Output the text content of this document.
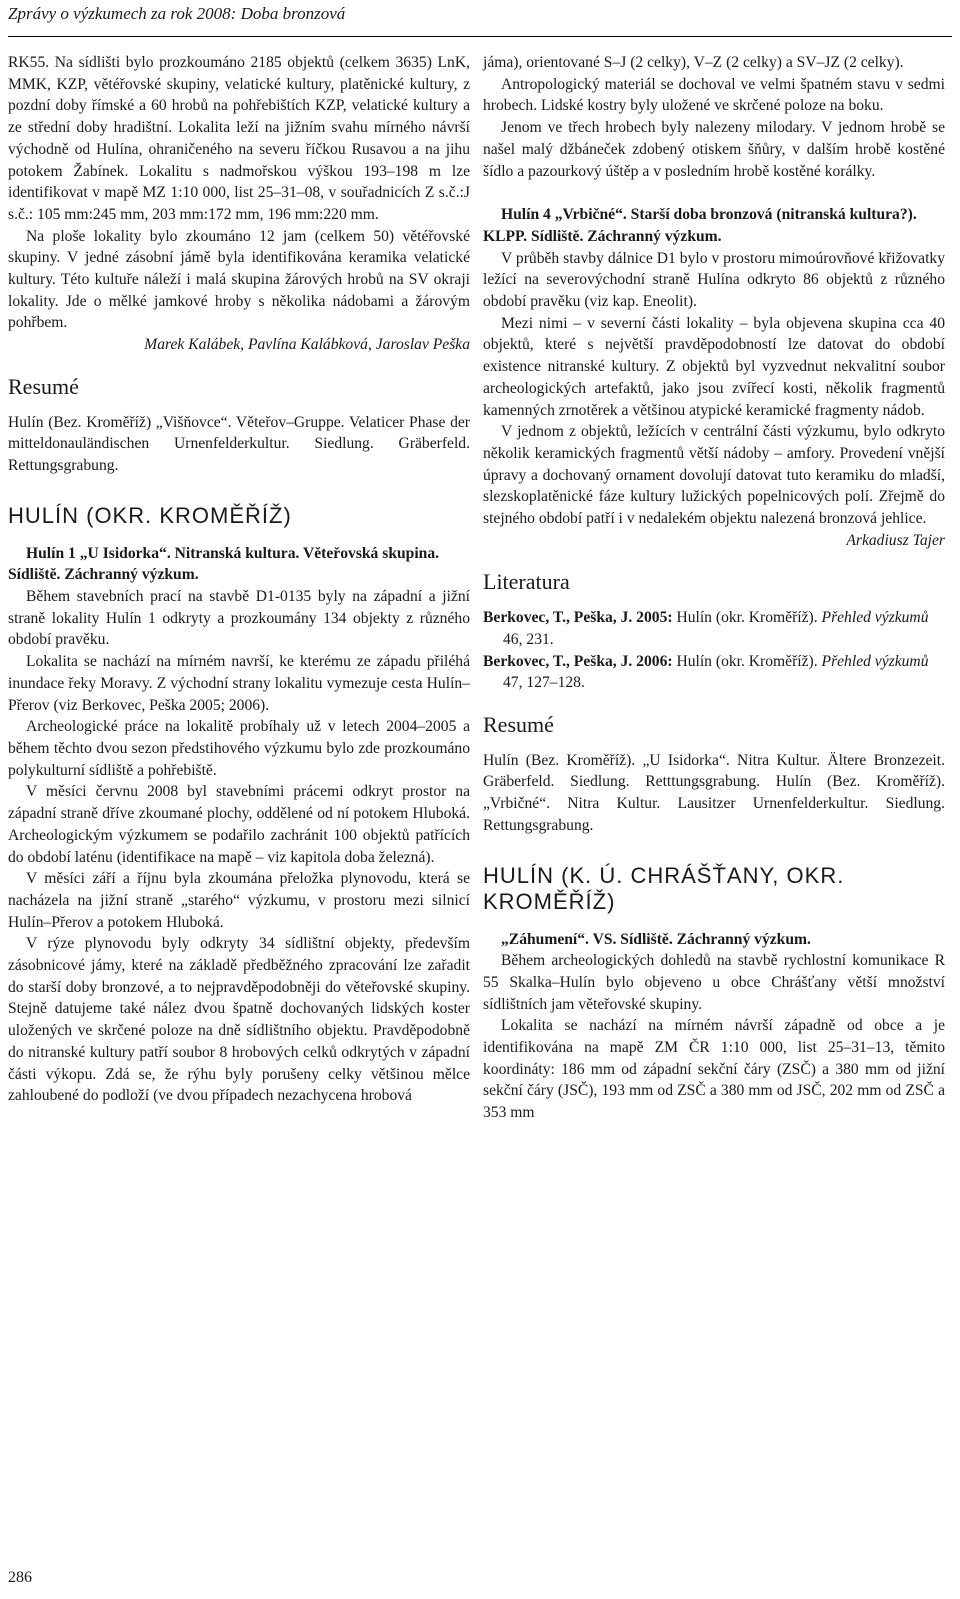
Zprávy o výzkumech za rok 2008: Doba bronzová

RK55. Na sídlišti bylo prozkoumáno 2185 objektů (celkem 3635) LnK, MMK, KZP, větéřovské skupiny, velatické kultury, platěnické kultury, z pozdní doby římské a 60 hrobů na pohřebištích KZP, velatické kultury a ze střední doby hradištní. Lokalita leží na jižním svahu mírného návrší východně od Hulína, ohraničeného na severu říčkou Rusavou a na jihu potokem Žabínek. Lokalitu s nadmořskou výškou 193–198 m lze identifikovat v mapě MZ 1:10 000, list 25–31–08, v souřadnicích Z s.č.:J s.č.: 105 mm:245 mm, 203 mm:172 mm, 196 mm:220 mm.

Na ploše lokality bylo zkoumáno 12 jam (celkem 50) větéřovské skupiny. V jedné zásobní jámě byla identifikována keramika velatické kultury. Této kultuře náleží i malá skupina žárových hrobů na SV okraji lokality. Jde o mělké jamkové hroby s několika nádobami a žárovým pohřbem.

Marek Kalábek, Pavlína Kalábková, Jaroslav Peška

Resumé

Hulín (Bez. Kroměříž) „Višňovce“. Věteřov–Gruppe. Velaticer Phase der mitteldonauländischen Urnenfelderkultur. Siedlung. Gräberfeld. Rettungsgrabung.

HULÍN (OKR. KROMĚŘÍŽ)

Hulín 1 „U Isidorka“. Nitranská kultura. Věteřovská skupina. Sídliště. Záchranný výzkum.

Během stavebních prací na stavbě D1-0135 byly na západní a jižní straně lokality Hulín 1 odkryty a prozkoumány 134 objekty z různého období pravěku.

Lokalita se nachází na mírném navrší, ke kterému ze západu přiléhá inundace řeky Moravy. Z východní strany lokalitu vymezuje cesta Hulín–Přerov (viz Berkovec, Peška 2005; 2006).

Archeologické práce na lokalitě probíhaly už v letech 2004–2005 a během těchto dvou sezon předstihového výzkumu bylo zde prozkoumáno polykulturní sídliště a pohřebiště.

V měsíci červnu 2008 byl stavebními prácemi odkryt prostor na západní straně dříve zkoumané plochy, oddělené od ní potokem Hluboká. Archeologickým výzkumem se podařilo zachránit 100 objektů patřících do období laténu (identifikace na mapě – viz kapitola doba železná).

V měsíci září a říjnu byla zkoumána přeložka plynovodu, která se nacházela na jižní straně „starého“ výzkumu, v prostoru mezi silnicí Hulín–Přerov a potokem Hluboká.

V rýze plynovodu byly odkryty 34 sídlištní objekty, především zásobnicové jámy, které na základě předběžného zpracování lze zařadit do starší doby bronzové, a to nejpravděpodobněji do věteřovské skupiny. Stejně datujeme také nález dvou špatně dochovaných lidských koster uložených ve skrčené poloze na dně sídlištního objektu. Pravděpodobně do nitranské kultury patří soubor 8 hrobových celků odkrytých v západní části výkopu. Zdá se, že rýhu byly porušeny celky většinou mělce zahloubené do podloží (ve dvou případech nezachycena hrobová

jáma), orientované S–J (2 celky), V–Z (2 celky) a SV–JZ (2 celky).

Antropologický materiál se dochoval ve velmi špatném stavu v sedmi hrobech. Lidské kostry byly uložené ve skrčené poloze na boku.

Jenom ve třech hrobech byly nalezeny milodary. V jednom hrobě se našel malý džbáneček zdobený otiskem šňůry, v dalším hrobě kostěné šídlo a pazourkový úštěp a v posledním hrobě kostěné korálky.

Hulín 4 „Vrbičné“. Starší doba bronzová (nitranská kultura?). KLPP. Sídliště. Záchranný výzkum.

V průběh stavby dálnice D1 bylo v prostoru mimoúrovňové křižovatky ležící na severovýchodní straně Hulína odkryto 86 objektů z různého období pravěku (viz kap. Eneolit).

Mezi nimi – v severní části lokality – byla objevena skupina cca 40 objektů, které s největší pravděpodobností lze datovat do období existence nitranské kultury. Z objektů byl vyzvednut nekvalitní soubor archeologických artefaktů, jako jsou zvířecí kosti, několik fragmentů kamenných zrnotěrek a většinou atypické keramické fragmenty nádob.

V jednom z objektů, ležících v centrální části výzkumu, bylo odkryto několik keramických fragmentů větší nádoby – amfory. Provedení vnější úpravy a dochovaný ornament dovolují datovat tuto keramiku do mladší, slezskoplatěnické fáze kultury lužických popelnicových polí. Zřejmě do stejného období patří i v nedalekém objektu nalezená bronzová jehlice.

Arkadiusz Tajer

Literatura

Berkovec, T., Peška, J. 2005: Hulín (okr. Kroměříž). Přehled výzkumů 46, 231.

Berkovec, T., Peška, J. 2006: Hulín (okr. Kroměříž). Přehled výzkumů 47, 127–128.

Resumé

Hulín (Bez. Kroměříž). „U Isidorka“. Nitra Kultur. Ältere Bronzezeit. Gräberfeld. Siedlung. Retttungsgrabung. Hulín (Bez. Kroměříž). „Vrbičné“. Nitra Kultur. Lausitzer Urnenfelderkultur. Siedlung. Rettungsgrabung.

HULÍN (K. Ú. CHRÁŠŤANY, OKR. KROMĚŘÍŽ)

„Záhumení“. VS. Sídliště. Záchranný výzkum.

Během archeologických dohledů na stavbě rychlostní komunikace R 55 Skalka–Hulín bylo objeveno u obce Chrášťany větší množství sídlištních jam věteřovské skupiny.

Lokalita se nachází na mírném návrší západně od obce a je identifikována na mapě ZM ČR 1:10 000, list 25–31–13, těmito koordináty: 186 mm od západní sekční čáry (ZSČ) a 380 mm od jižní sekční čáry (JSČ), 193 mm od ZSČ a 380 mm od JSČ, 202 mm od ZSČ a 353 mm

286
